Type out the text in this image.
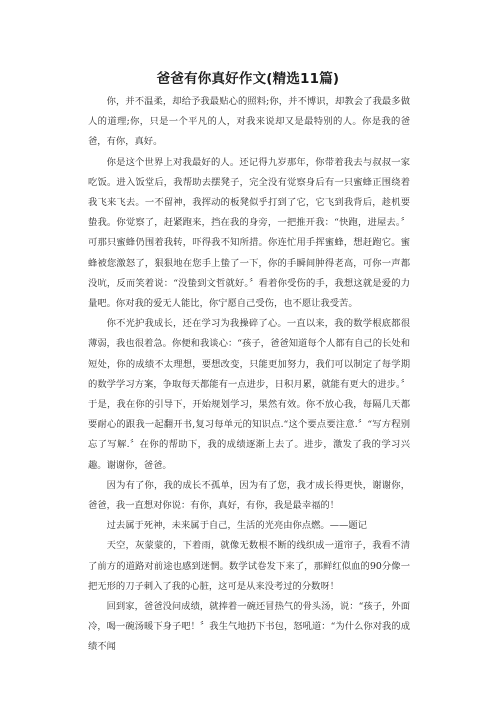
爸爸有你真好作文(精选11篇)

你，并不温柔，却给予我最贴心的照料;你，并不博识，却教会了我最多做人的道理;你，只是一个平凡的人，对我来说却又是最特别的人。你是我的爸爸，有你，真好。

你是这个世界上对我最好的人。还记得九岁那年，你带着我去与叔叔一家吃饭。进入饭堂后，我帮助去摆凳子，完全没有觉察身后有一只蜜蜂正围绕着我飞来飞去。一不留神，我挥动的板凳似乎打到了它，它飞到我背后，趁机要蛰我。你觉察了，赶紧跑来，挡在我的身旁，一把推开我：“快跑，进屋去。〞可那只蜜蜂仍围着我转，吓得我不知所措。你连忙用手挥蜜蜂，想赶跑它。蜜蜂被您激怒了，狠狠地在您手上蛰了一下，你的手瞬间肿得老高，可你一声都没吭，反而笑着说：“没蛰到文哲就好。〞看着你受伤的手，我想这就是爱的力量吧。你对我的爱无人能比，你宁愿自己受伤，也不愿让我受苦。

你不光护我成长，还在学习为我操碎了心。一直以来，我的数学根底都很薄弱，我也很着急。你便和我谈心：“孩子，爸爸知道每个人都有自己的长处和短处，你的成绩不太理想，要想改变，只能更加努力，我们可以制定了每学期的数学学习方案，争取每天都能有一点进步，日积月累，就能有更大的进步。〞于是，我在你的引导下，开始规划学习，果然有效。你不放心我，每隔几天都要耐心的跟我一起翻开书,复习每单元的知识点.“这个要点要注意.〞“写方程别忘了写解.〞在你的帮助下，我的成绩逐渐上去了。进步，激发了我的学习兴趣。谢谢你，爸爸。

因为有了你，我的成长不孤单，因为有了您，我才成长得更快，谢谢你，爸爸，我一直想对你说：有你，真好，有你，我是最幸福的！

过去属于死神，未来属于自己，生活的光亮由你点燃。——题记

天空，灰蒙蒙的，下着雨，就像无数根不断的线织成一道帘子，我看不清了前方的道路对前途也感到迷惘。数学试卷发下来了，那鲜红似血的90分像一把无形的刀子刺入了我的心脏，这可是从来没考过的分数呀！

回到家，爸爸没问成绩，就捧着一碗还冒热气的骨头汤，说：“孩子，外面冷，喝一碗汤暖下身子吧！〞我生气地扔下书包，怒吼道：“为什么你对我的成绩不闻
